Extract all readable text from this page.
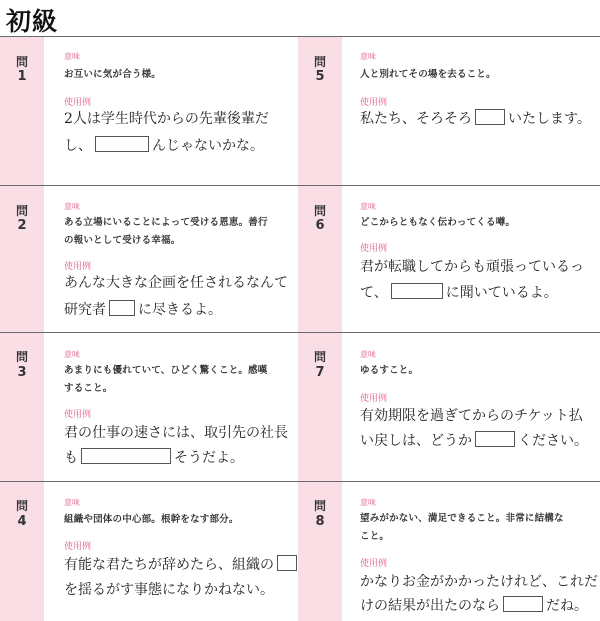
初級
問
1
意味
お互いに気が合う様。
使用例
2人は学生時代からの先輩後輩だ
し、	んじゃないかな。
問
5
意味
人と別れてその場を去ること。
使用例
私たち、そろそろ	いたします。
問
2
意味
ある立場にいることによって受ける恩恵。善行
の報いとして受ける幸福。
使用例
あんな大きな企画を任されるなんて
研究者 に尽きるよ。
問
6
意味
どこからともなく伝わってくる噂。
使用例
君が転職してからも頑張っているっ
て、	に聞いているよ。
問
3
意味
あまりにも優れていて、ひどく驚くこと。感嘆
すること。
使用例
君の仕事の速さには、取引先の社長
も	そうだよ。
問
7
意味
ゆるすこと。
使用例
有効期限を過ぎてからのチケット払
い戻しは、どうか	ください。
問
4
意味
組織や団体の中心部。根幹をなす部分。
使用例
有能な君たちが辞めたら、組織の
を揺るがす事態になりかねない。
問
8
意味
望みがかない、満足できること。非常に結構な
こと。
使用例
かなりお金がかかったけれど、これだ
けの結果が出たのなら	だね。
